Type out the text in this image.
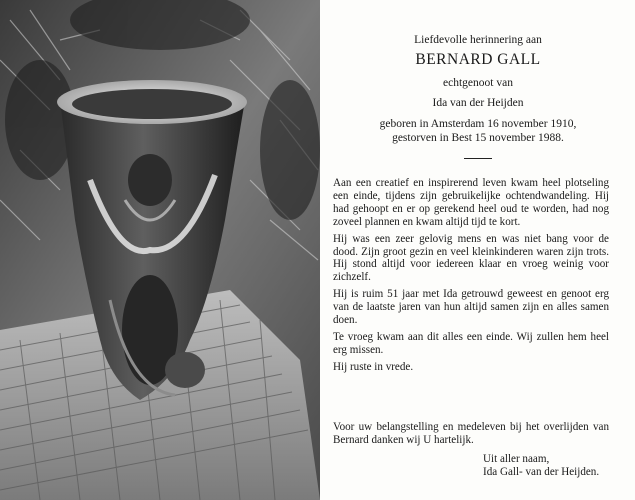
Liefdevolle herinnering aan
BERNARD GALL
echtgenoot van
Ida van der Heijden
geboren in Amsterdam 16 november 1910,
gestorven in Best 15 november 1988.

Aan een creatief en inspirerend leven kwam heel plotseling een einde, tijdens zijn gebruikelijke ochtendwandeling. Hij had gehoopt en er op gerekend heel oud te worden, had nog zoveel plannen en kwam altijd tijd te kort.

Hij was een zeer gelovig mens en was niet bang voor de dood. Zijn groot gezin en veel kleinkinderen waren zijn trots. Hij stond altijd voor iedereen klaar en vroeg weinig voor zichzelf.

Hij is ruim 51 jaar met Ida getrouwd geweest en genoot erg van de laatste jaren van hun altijd samen zijn en alles samen doen.

Te vroeg kwam aan dit alles een einde. Wij zullen hem heel erg missen.

Hij ruste in vrede.

Voor uw belangstelling en medeleven bij het overlijden van Bernard danken wij U hartelijk.
Uit aller naam,
Ida Gall- van der Heijden.
